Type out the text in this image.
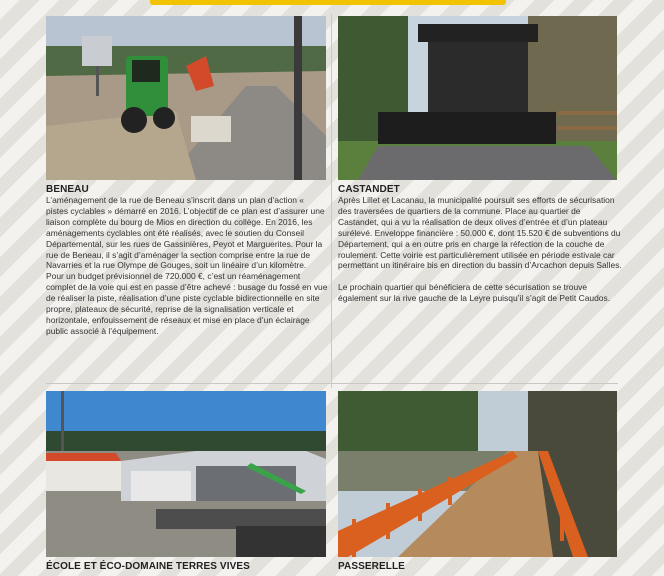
BENEAU

L’aménagement de la rue de Beneau s’inscrit dans un plan d’action « pistes cyclables » démarré en 2016. L’objectif de ce plan est d’assurer une liaison complète du bourg de Mios en direction du collège. En 2016, les aménagements cyclables ont été réalisés, avec le soutien du Conseil Départemental, sur les rues de Gassinières, Peyot et Marguerites. Pour la rue de Beneau, il s’agit d’aménager la section comprise entre la rue de Navarries et la rue Olympe de Gouges, soit un linéaire d’un kilomètre.

Pour un budget prévisionnel de 720.000 €, c’est un réaménagement complet de la voie qui est en passe d’être achevé : busage du fossé en vue de réaliser la piste, réalisation d’une piste cyclable bidirectionnelle en site propre, plateaux de sécurité, reprise de la signalisation verticale et horizontale, enfouissement de réseaux et mise en place d’un éclairage public associé à l’équipement.

CASTANDET

Après Lillet et Lacanau, la municipalité poursuit ses efforts de sécurisation des traversées de quartiers de la commune. Place au quartier de Castandet, qui a vu la réalisation de deux olives d’entrée et d’un plateau surélevé. Enveloppe financière : 50.000 €, dont 15.520 € de subventions du Département, qui a en outre pris en charge la réfection de la couche de roulement. Cette voirie est particulièrement utilisée en période estivale car permettant un itinéraire bis en direction du bassin d’Arcachon depuis Salles.

Le prochain quartier qui bénéficiera de cette sécurisation se trouve également sur la rive gauche de la Leyre puisqu’il s’agit de Petit Caudos.

ÉCOLE ET ÉCO-DOMAINE TERRES VIVES	PASSERELLE
